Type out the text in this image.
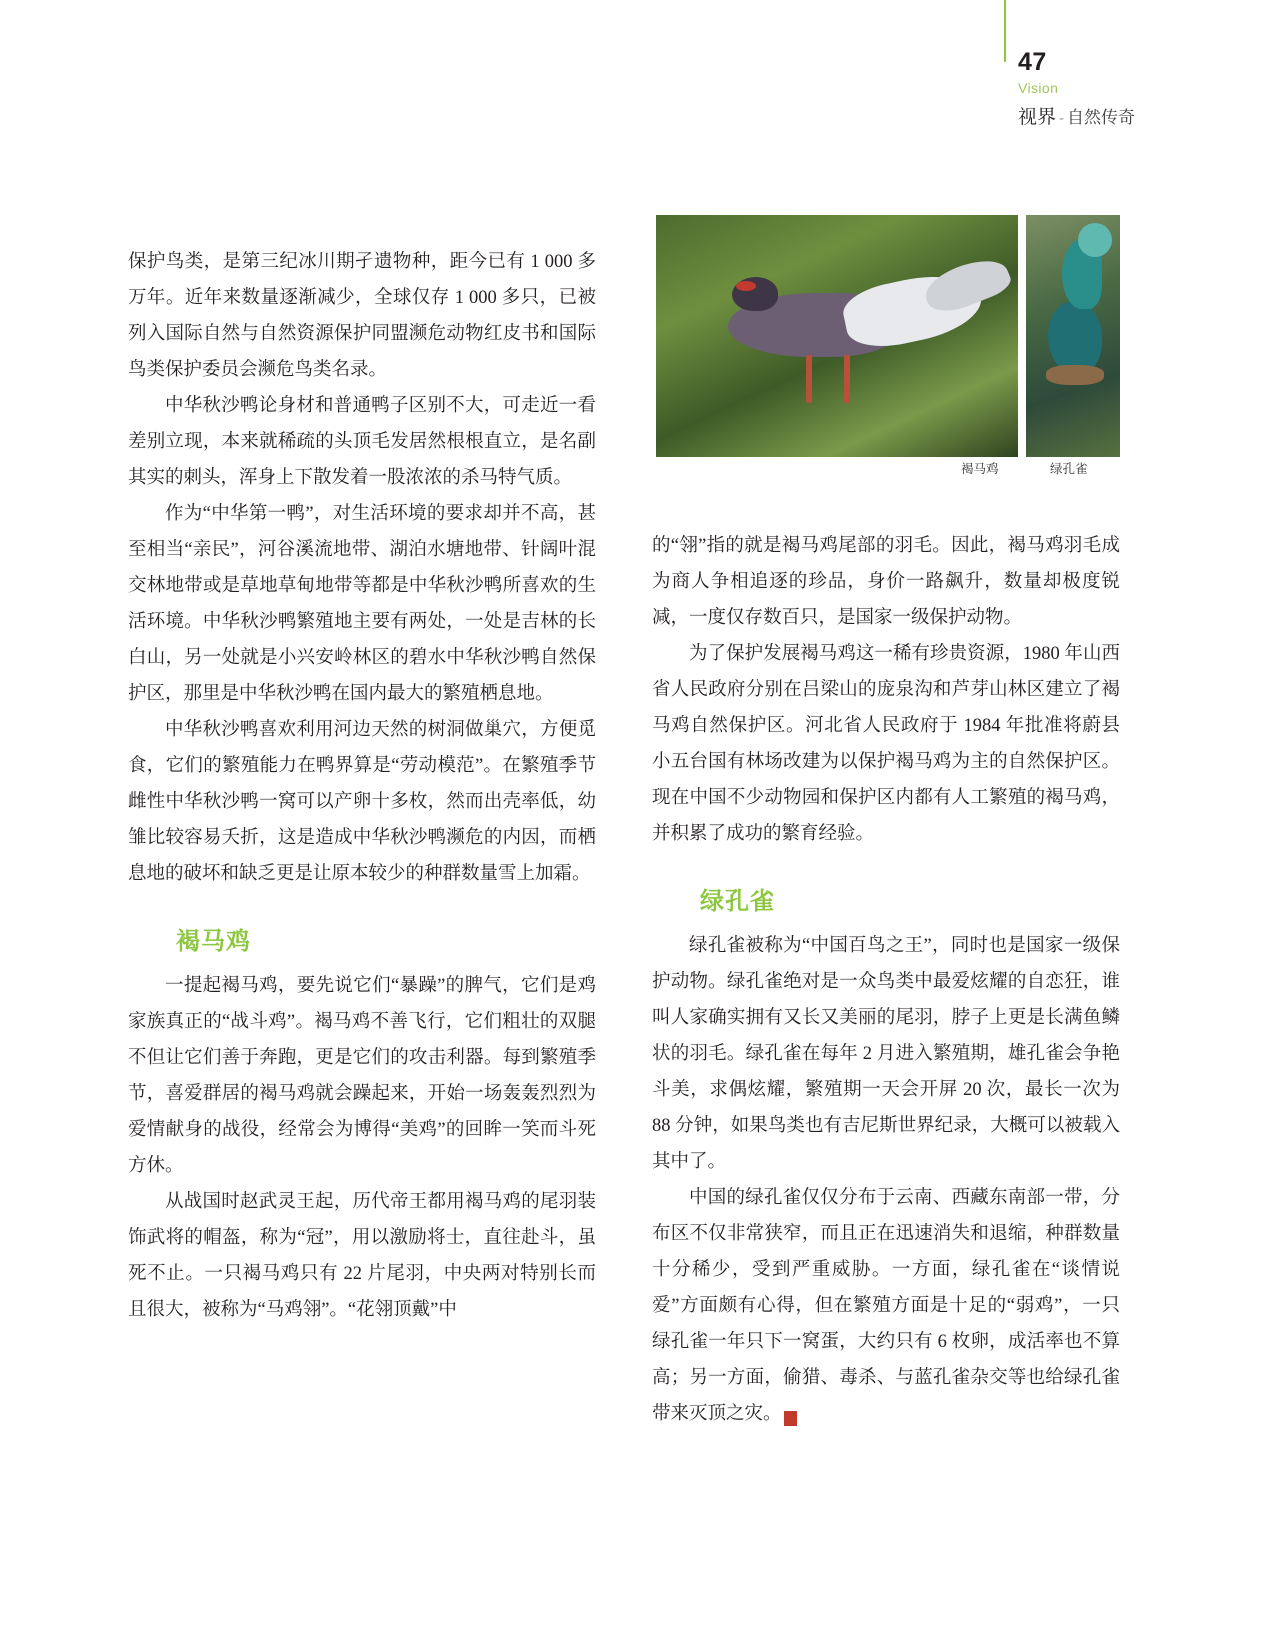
47
Vision
视界 - 自然传奇
褐马鸡	绿孔雀

保护鸟类，是第三纪冰川期孑遗物种，距今已有 1 000 多万年。近年来数量逐渐减少，全球仅存 1 000 多只，已被列入国际自然与自然资源保护同盟濒危动物红皮书和国际鸟类保护委员会濒危鸟类名录。

中华秋沙鸭论身材和普通鸭子区别不大，可走近一看差别立现，本来就稀疏的头顶毛发居然根根直立，是名副其实的刺头，浑身上下散发着一股浓浓的杀马特气质。

作为“中华第一鸭”，对生活环境的要求却并不高，甚至相当“亲民”，河谷溪流地带、湖泊水塘地带、针阔叶混交林地带或是草地草甸地带等都是中华秋沙鸭所喜欢的生活环境。中华秋沙鸭繁殖地主要有两处，一处是吉林的长白山，另一处就是小兴安岭林区的碧水中华秋沙鸭自然保护区，那里是中华秋沙鸭在国内最大的繁殖栖息地。

中华秋沙鸭喜欢利用河边天然的树洞做巢穴，方便觅食，它们的繁殖能力在鸭界算是“劳动模范”。在繁殖季节雌性中华秋沙鸭一窝可以产卵十多枚，然而出壳率低，幼雏比较容易夭折，这是造成中华秋沙鸭濒危的内因，而栖息地的破坏和缺乏更是让原本较少的种群数量雪上加霜。

褐马鸡

一提起褐马鸡，要先说它们“暴躁”的脾气，它们是鸡家族真正的“战斗鸡”。褐马鸡不善飞行，它们粗壮的双腿不但让它们善于奔跑，更是它们的攻击利器。每到繁殖季节，喜爱群居的褐马鸡就会躁起来，开始一场轰轰烈烈为爱情献身的战役，经常会为博得“美鸡”的回眸一笑而斗死方休。

从战国时赵武灵王起，历代帝王都用褐马鸡的尾羽装饰武将的帽盔，称为“冠”，用以激励将士，直往赴斗，虽死不止。一只褐马鸡只有 22 片尾羽，中央两对特别长而且很大，被称为“马鸡翎”。“花翎顶戴”中

的“翎”指的就是褐马鸡尾部的羽毛。因此，褐马鸡羽毛成为商人争相追逐的珍品，身价一路飙升，数量却极度锐减，一度仅存数百只，是国家一级保护动物。

为了保护发展褐马鸡这一稀有珍贵资源，1980 年山西省人民政府分别在吕梁山的庞泉沟和芦芽山林区建立了褐马鸡自然保护区。河北省人民政府于 1984 年批准将蔚县小五台国有林场改建为以保护褐马鸡为主的自然保护区。现在中国不少动物园和保护区内都有人工繁殖的褐马鸡，并积累了成功的繁育经验。

绿孔雀

绿孔雀被称为“中国百鸟之王”，同时也是国家一级保护动物。绿孔雀绝对是一众鸟类中最爱炫耀的自恋狂，谁叫人家确实拥有又长又美丽的尾羽，脖子上更是长满鱼鳞状的羽毛。绿孔雀在每年 2 月进入繁殖期，雄孔雀会争艳斗美，求偶炫耀，繁殖期一天会开屏 20 次，最长一次为 88 分钟，如果鸟类也有吉尼斯世界纪录，大概可以被载入其中了。

中国的绿孔雀仅仅分布于云南、西藏东南部一带，分布区不仅非常狭窄，而且正在迅速消失和退缩，种群数量十分稀少，受到严重威胁。一方面，绿孔雀在“谈情说爱”方面颇有心得，但在繁殖方面是十足的“弱鸡”，一只绿孔雀一年只下一窝蛋，大约只有 6 枚卵，成活率也不算高；另一方面，偷猎、毒杀、与蓝孔雀杂交等也给绿孔雀带来灭顶之灾。	S
